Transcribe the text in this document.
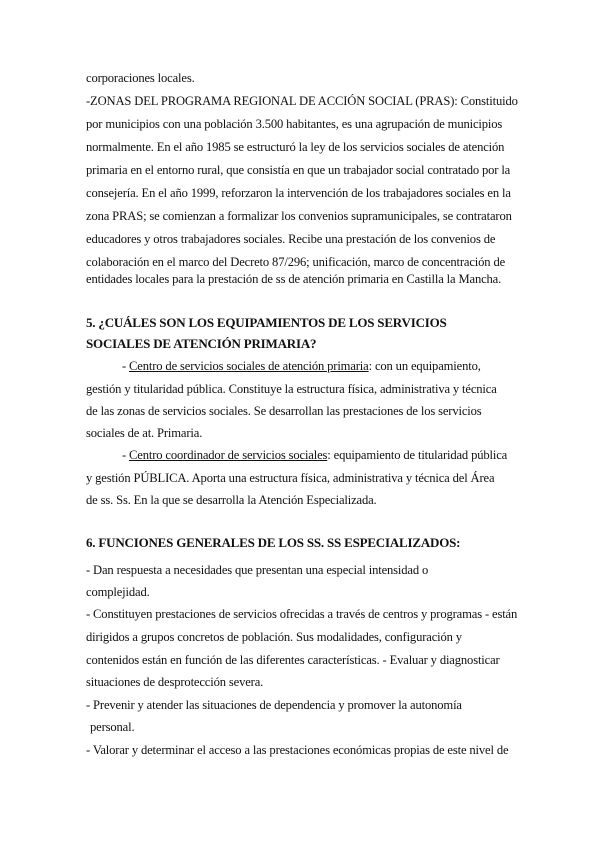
corporaciones locales.
-ZONAS DEL PROGRAMA REGIONAL DE ACCIÓN SOCIAL (PRAS): Constituido
por municipios con una población 3.500 habitantes, es una agrupación de municipios
normalmente. En el año 1985 se estructuró la ley de los servicios sociales de atención
primaria en el entorno rural, que consistía en que un trabajador social contratado por la
consejería. En el año 1999, reforzaron la intervención de los trabajadores sociales en la
zona PRAS; se comienzan a formalizar los convenios supramunicipales, se contrataron
educadores y otros trabajadores sociales. Recibe una prestación de los convenios de
colaboración en el marco del Decreto 87/296; unificación, marco de concentración de
entidades locales para la prestación de ss de atención primaria en Castilla la Mancha.
5. ¿CUÁLES SON LOS EQUIPAMIENTOS DE LOS SERVICIOS
SOCIALES DE ATENCIÓN PRIMARIA?
- Centro de servicios sociales de atención primaria: con un equipamiento,
gestión y titularidad pública. Constituye la estructura física, administrativa y técnica
de las zonas de servicios sociales. Se desarrollan las prestaciones de los servicios
sociales de at. Primaria.
- Centro coordinador de servicios sociales: equipamiento de titularidad pública
y gestión PÚBLICA. Aporta una estructura física, administrativa y técnica del Área
de ss. Ss. En la que se desarrolla la Atención Especializada.
6. FUNCIONES GENERALES DE LOS SS. SS ESPECIALIZADOS:
- Dan respuesta a necesidades que presentan una especial intensidad o
complejidad.
- Constituyen prestaciones de servicios ofrecidas a través de centros y programas - están
dirigidos a grupos concretos de población. Sus modalidades, configuración y
contenidos están en función de las diferentes características. - Evaluar y diagnosticar
situaciones de desprotección severa.
- Prevenir y atender las situaciones de dependencia y promover la autonomía
personal.
- Valorar y determinar el acceso a las prestaciones económicas propias de este nivel de
